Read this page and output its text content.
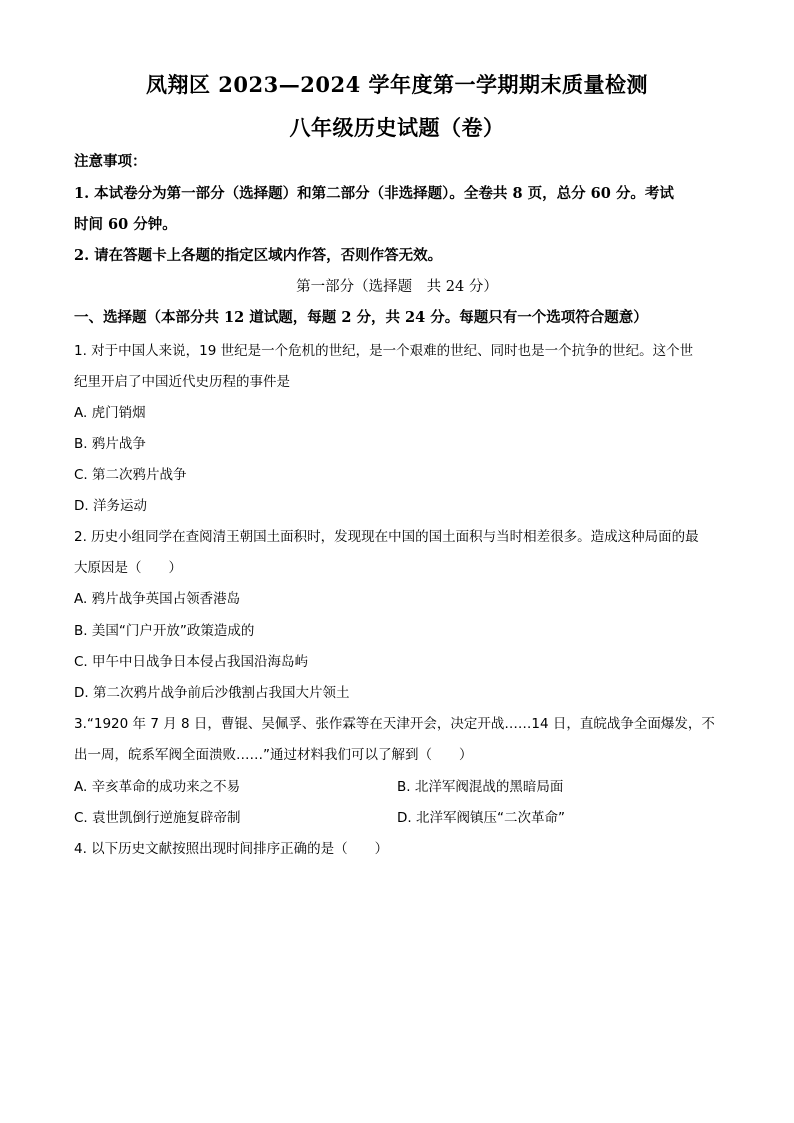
凤翔区 2023—2024 学年度第一学期期末质量检测
八年级历史试题（卷）
注意事项：
1. 本试卷分为第一部分（选择题）和第二部分（非选择题）。全卷共 8 页，总分 60 分。考试
时间 60 分钟。
2. 请在答题卡上各题的指定区域内作答，否则作答无效。
第一部分（选择题　共 24 分）
一、选择题（本部分共 12 道试题，每题 2 分，共 24 分。每题只有一个选项符合题意）
1. 对于中国人来说，19 世纪是一个危机的世纪，是一个艰难的世纪、同时也是一个抗争的世纪。这个世
纪里开启了中国近代史历程的事件是
A. 虎门销烟
B. 鸦片战争
C. 第二次鸦片战争
D. 洋务运动
2. 历史小组同学在查阅清王朝国土面积时，发现现在中国的国土面积与当时相差很多。造成这种局面的最
大原因是（　　）
A. 鸦片战争英国占领香港岛
B. 美国“门户开放”政策造成的
C. 甲午中日战争日本侵占我国沿海岛屿
D. 第二次鸦片战争前后沙俄割占我国大片领土
3.“1920 年 7 月 8 日，曹锟、吴佩孚、张作霖等在天津开会，决定开战……14 日，直皖战争全面爆发，不
出一周，皖系军阀全面溃败……”通过材料我们可以了解到（　　）
A. 辛亥革命的成功来之不易	B. 北洋军阀混战的黑暗局面
C. 袁世凯倒行逆施复辟帝制	D. 北洋军阀镇压“二次革命”
4. 以下历史文献按照出现时间排序正确的是（　　）
